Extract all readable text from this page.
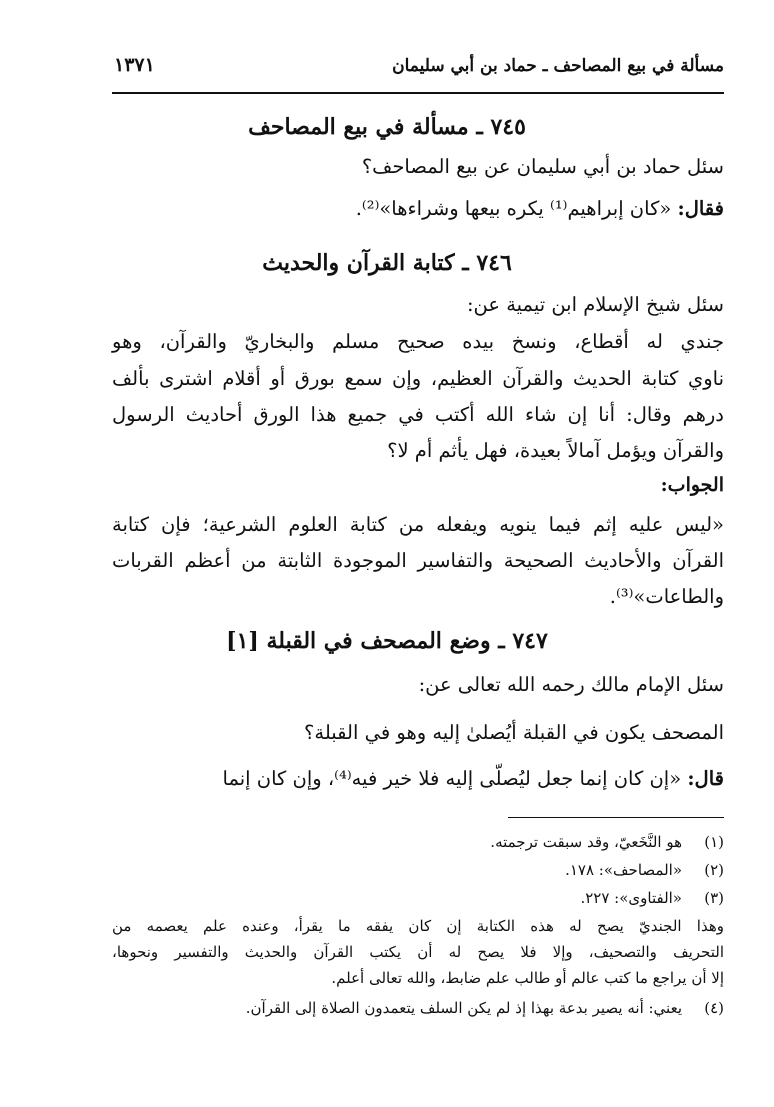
مسألة في بيع المصاحف ـ حماد بن أبي سليمان
١٣٧١
٧٤٥ ـ مسألة في بيع المصاحف
سئل حماد بن أبي سليمان عن بيع المصاحف؟
فقال: «كان إبراهيم⁽¹⁾ يكره بيعها وشراءها»⁽²⁾.
٧٤٦ ـ كتابة القرآن والحديث
سئل شيخ الإسلام ابن تيمية عن:
جندي له أقطاع، ونسخ بيده صحيح مسلم والبخاريّ والقرآن، وهو
ناوي كتابة الحديث والقرآن العظيم، وإن سمع بورق أو أقلام اشترى بألف
درهم وقال: أنا إن شاء الله أكتب في جميع هذا الورق أحاديث الرسول
والقرآن ويؤمل آمالاً بعيدة، فهل يأثم أم لا؟
الجواب:
«ليس عليه إثم فيما ينويه ويفعله من كتابة العلوم الشرعية؛ فإن كتابة
القرآن والأحاديث الصحيحة والتفاسير الموجودة الثابتة من أعظم القربات
والطاعات»⁽³⁾.
٧٤٧ ـ وضع المصحف في القبلة [١]
سئل الإمام مالك رحمه الله تعالى عن:
المصحف يكون في القبلة أيُصلىٰ إليه وهو في القبلة؟
قال: «إن كان إنما جعل ليُصلّى إليه فلا خير فيه⁽⁴⁾، وإن كان إنما
(١)هو النَّخَعيّ، وقد سبقت ترجمته.
(٢)«المصاحف»: ١٧٨.
(٣)«الفتاوى»: ٢٢٧.
وهذا الجنديّ يصح له هذه الكتابة إن كان يفقه ما يقرأ، وعنده علم يعصمه من
التحريف والتصحيف، وإلا فلا يصح له أن يكتب القرآن والحديث والتفسير ونحوها،
إلا أن يراجع ما كتب عالم أو طالب علم ضابط، والله تعالى أعلم.
(٤)يعني: أنه يصير بدعة بهذا إذ لم يكن السلف يتعمدون الصلاة إلى القرآن.
